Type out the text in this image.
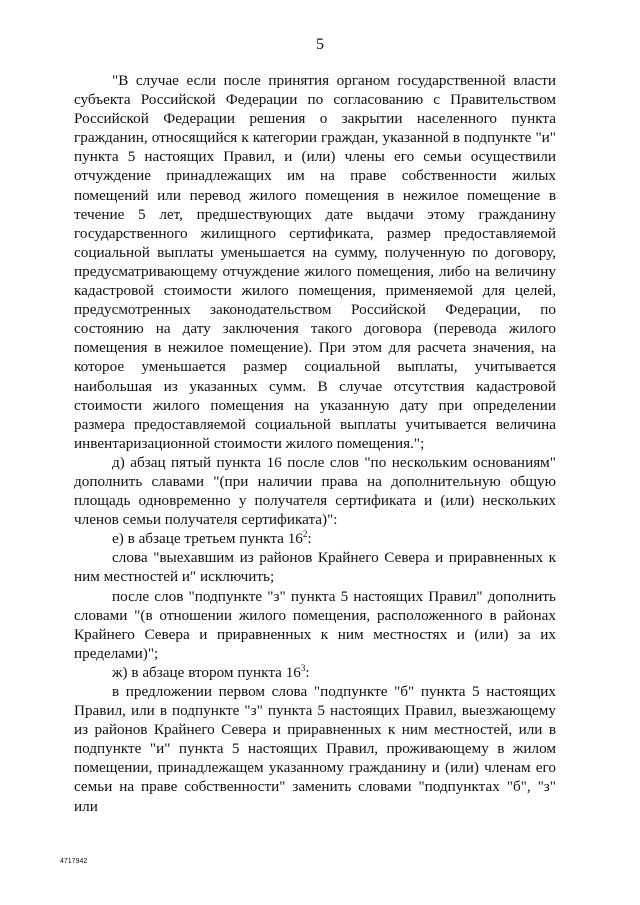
5

"В случае если после принятия органом государственной власти субъекта Российской Федерации по согласованию с Правительством Российской Федерации решения о закрытии населенного пункта гражданин, относящийся к категории граждан, указанной в подпункте "и" пункта 5 настоящих Правил, и (или) члены его семьи осуществили отчуждение принадлежащих им на праве собственности жилых помещений или перевод жилого помещения в нежилое помещение в течение 5 лет, предшествующих дате выдачи этому гражданину государственного жилищного сертификата, размер предоставляемой социальной выплаты уменьшается на сумму, полученную по договору, предусматривающему отчуждение жилого помещения, либо на величину кадастровой стоимости жилого помещения, применяемой для целей, предусмотренных законодательством Российской Федерации, по состоянию на дату заключения такого договора (перевода жилого помещения в нежилое помещение). При этом для расчета значения, на которое уменьшается размер социальной выплаты, учитывается наибольшая из указанных сумм. В случае отсутствия кадастровой стоимости жилого помещения на указанную дату при определении размера предоставляемой социальной выплаты учитывается величина инвентаризационной стоимости жилого помещения.";

д) абзац пятый пункта 16 после слов "по нескольким основаниям" дополнить славами "(при наличии права на дополнительную общую площадь одновременно у получателя сертификата и (или) нескольких членов семьи получателя сертификата)":

е) в абзаце третьем пункта $16^2$:

слова "выехавшим из районов Крайнего Севера и приравненных к ним местностей и" исключить;

после слов "подпункте "з" пункта 5 настоящих Правил" дополнить словами "(в отношении жилого помещения, расположенного в районах Крайнего Севера и приравненных к ним местностях и (или) за их пределами)";

ж) в абзаце втором пункта $16^3$:

в предложении первом слова "подпункте "б" пункта 5 настоящих Правил, или в подпункте "з" пункта 5 настоящих Правил, выезжающему из районов Крайнего Севера и приравненных к ним местностей, или в подпункте "и" пункта 5 настоящих Правил, проживающему в жилом помещении, принадлежащем указанному гражданину и (или) членам его семьи на праве собственности" заменить словами "подпунктах "б", "з" или

4717942
